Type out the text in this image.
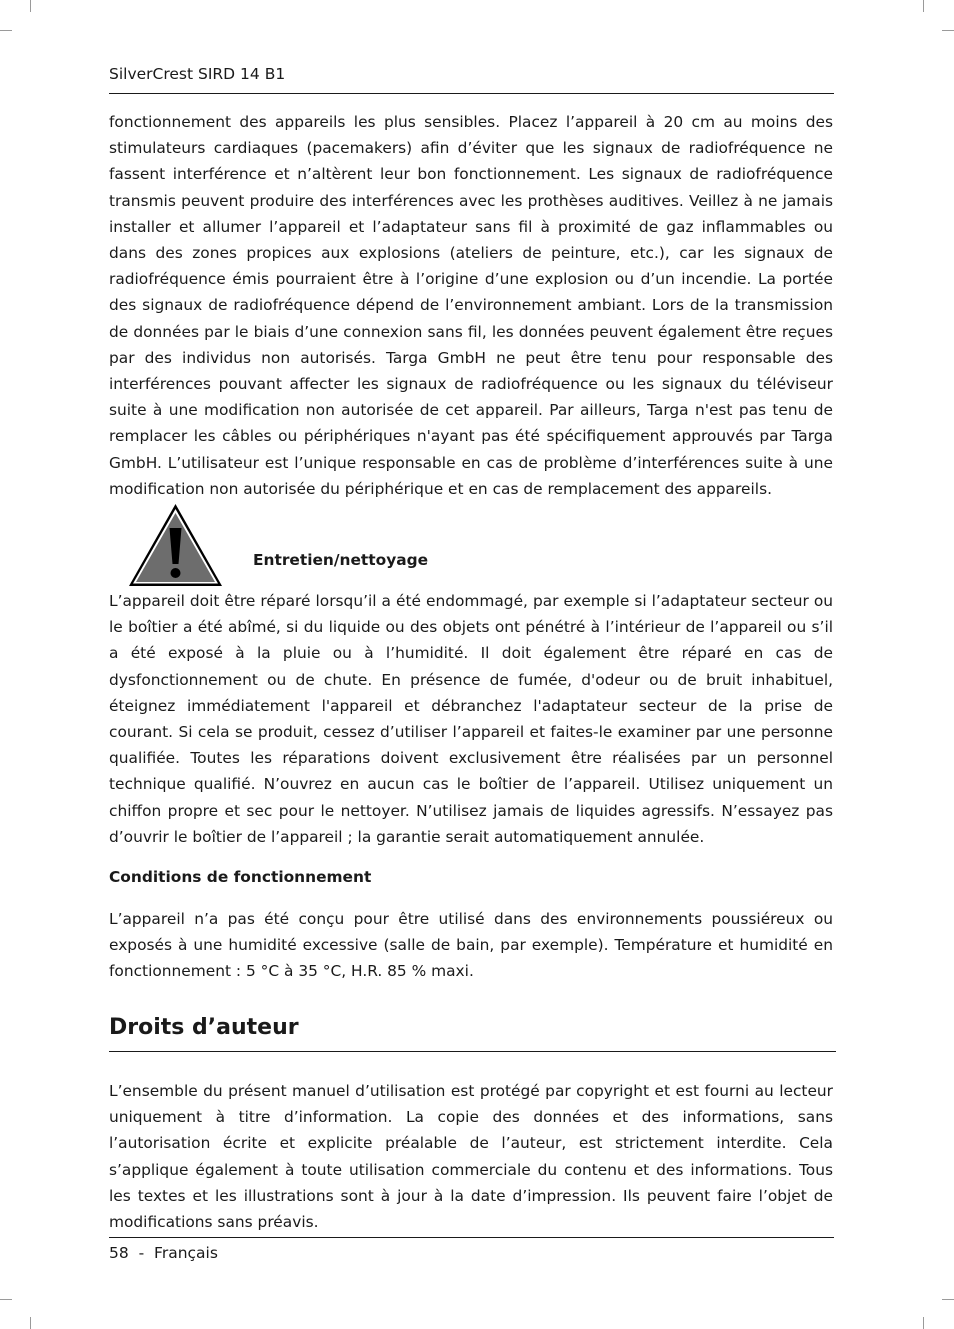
SilverCrest SIRD 14 B1

fonctionnement des appareils les plus sensibles. Placez l’appareil à 20 cm au moins des stimulateurs cardiaques (pacemakers) afin d’éviter que les signaux de radiofréquence ne fassent interférence et n’altèrent leur bon fonctionnement. Les signaux de radiofréquence transmis peuvent produire des interférences avec les prothèses auditives. Veillez à ne jamais installer et allumer l’appareil et l’adaptateur sans fil à proximité de gaz inflammables ou dans des zones propices aux explosions (ateliers de peinture, etc.), car les signaux de radiofréquence émis pourraient être à l’origine d’une explosion ou d’un incendie. La portée des signaux de radiofréquence dépend de l’environnement ambiant. Lors de la transmission de données par le biais d’une connexion sans fil, les données peuvent également être reçues par des individus non autorisés. Targa GmbH ne peut être tenu pour responsable des interférences pouvant affecter les signaux de radiofréquence ou les signaux du téléviseur suite à une modification non autorisée de cet appareil. Par ailleurs, Targa n'est pas tenu de remplacer les câbles ou périphériques n'ayant pas été spécifiquement approuvés par Targa GmbH. L’utilisateur est l’unique responsable en cas de problème d’interférences suite à une modification non autorisée du périphérique et en cas de remplacement des appareils.

Entretien/nettoyage

L’appareil doit être réparé lorsqu’il a été endommagé, par exemple si l’adaptateur secteur ou le boîtier a été abîmé, si du liquide ou des objets ont pénétré à l’intérieur de l’appareil ou s’il a été exposé à la pluie ou à l’humidité. Il doit également être réparé en cas de dysfonctionnement ou de chute. En présence de fumée, d'odeur ou de bruit inhabituel, éteignez immédiatement l'appareil et débranchez l'adaptateur secteur de la prise de courant. Si cela se produit, cessez d’utiliser l’appareil et faites-le examiner par une personne qualifiée. Toutes les réparations doivent exclusivement être réalisées par un personnel technique qualifié. N’ouvrez en aucun cas le boîtier de l’appareil. Utilisez uniquement un chiffon propre et sec pour le nettoyer. N’utilisez jamais de liquides agressifs. N’essayez pas d’ouvrir le boîtier de l’appareil ; la garantie serait automatiquement annulée.

Conditions de fonctionnement

L’appareil n’a pas été conçu pour être utilisé dans des environnements poussiéreux ou exposés à une humidité excessive (salle de bain, par exemple). Température et humidité en fonctionnement : 5 °C à 35 °C, H.R. 85 % maxi.

Droits d’auteur

L’ensemble du présent manuel d’utilisation est protégé par copyright et est fourni au lecteur uniquement à titre d’information. La copie des données et des informations, sans l’autorisation écrite et explicite préalable de l’auteur, est strictement interdite. Cela s’applique également à toute utilisation commerciale du contenu et des informations. Tous les textes et les illustrations sont à jour à la date d’impression. Ils peuvent faire l’objet de modifications sans préavis.

58 - Français
